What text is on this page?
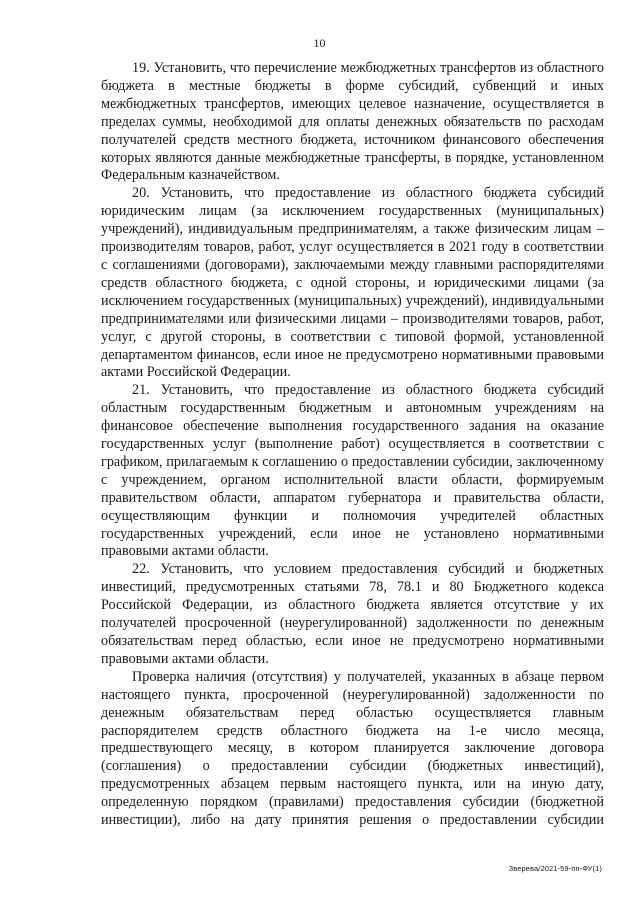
10

19. Установить, что перечисление межбюджетных трансфертов из областного бюджета в местные бюджеты в форме субсидий, субвенций и иных межбюджетных трансфертов, имеющих целевое назначение, осуществляется в пределах суммы, необходимой для оплаты денежных обязательств по расходам получателей средств местного бюджета, источником финансового обеспечения которых являются данные межбюджетные трансферты, в порядке, установленном Федеральным казначейством.

20. Установить, что предоставление из областного бюджета субсидий юридическим лицам (за исключением государственных (муниципальных) учреждений), индивидуальным предпринимателям, а также физическим лицам – производителям товаров, работ, услуг осуществляется в 2021 году в соответствии с соглашениями (договорами), заключаемыми между главными распорядителями средств областного бюджета, с одной стороны, и юридическими лицами (за исключением государственных (муниципальных) учреждений), индивидуальными предпринимателями или физическими лицами – производителями товаров, работ, услуг, с другой стороны, в соответствии с типовой формой, установленной департаментом финансов, если иное не предусмотрено нормативными правовыми актами Российской Федерации.

21. Установить, что предоставление из областного бюджета субсидий областным государственным бюджетным и автономным учреждениям на финансовое обеспечение выполнения государственного задания на оказание государственных услуг (выполнение работ) осуществляется в соответствии с графиком, прилагаемым к соглашению о предоставлении субсидии, заключенному с учреждением, органом исполнительной власти области, формируемым правительством области, аппаратом губернатора и правительства области, осуществляющим функции и полномочия учредителей областных государственных учреждений, если иное не установлено нормативными правовыми актами области.

22. Установить, что условием предоставления субсидий и бюджетных инвестиций, предусмотренных статьями 78, 78.1 и 80 Бюджетного кодекса Российской Федерации, из областного бюджета является отсутствие у их получателей просроченной (неурегулированной) задолженности по денежным обязательствам перед областью, если иное не предусмотрено нормативными правовыми актами области.

Проверка наличия (отсутствия) у получателей, указанных в абзаце первом настоящего пункта, просроченной (неурегулированной) задолженности по денежным обязательствам перед областью осуществляется главным распорядителем средств областного бюджета на 1-е число месяца, предшествующего месяцу, в котором планируется заключение договора (соглашения) о предоставлении субсидии (бюджетных инвестиций), предусмотренных абзацем первым настоящего пункта, или на иную дату, определенную порядком (правилами) предоставления субсидии (бюджетной инвестиции), либо на дату принятия решения о предоставлении субсидии

Зверева/2021-59-пп-ФУ(1)
